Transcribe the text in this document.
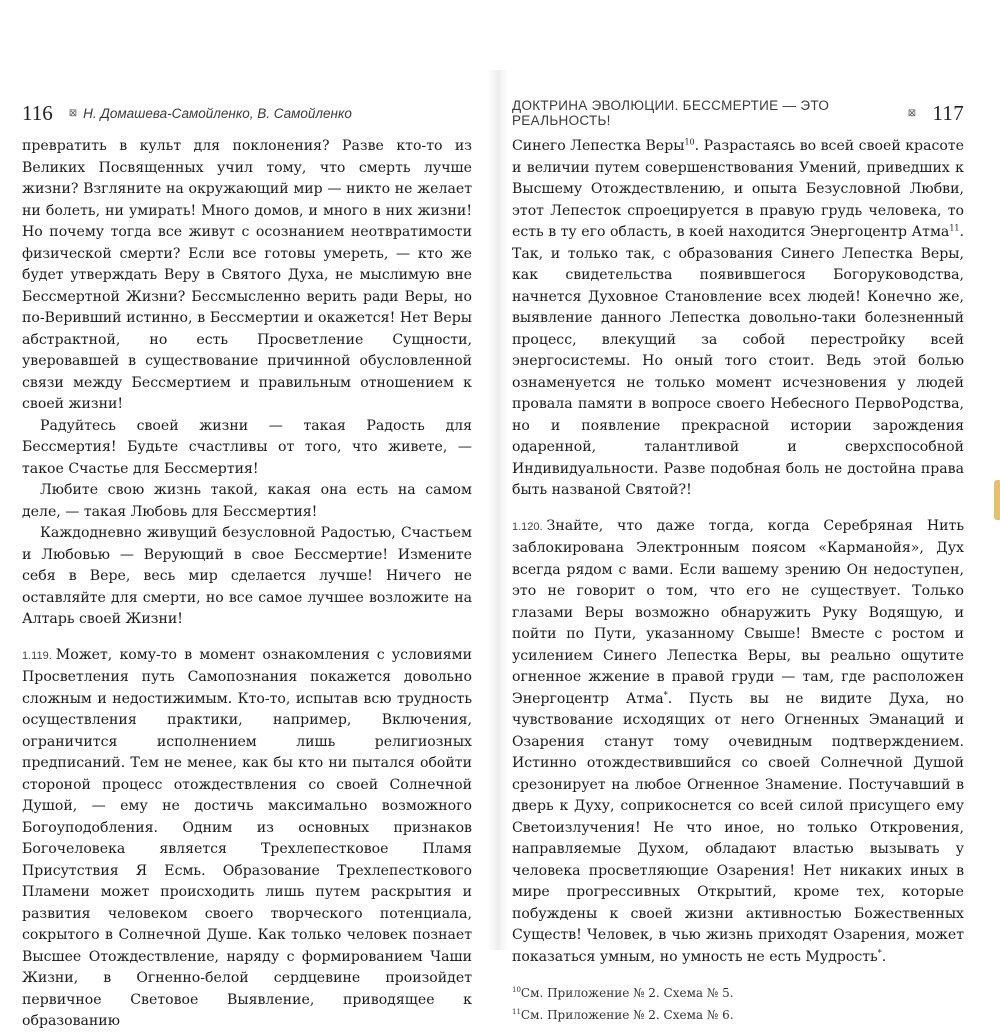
116 ⊠ Н. Домашева-Самойленко, В. Самойленко

превратить в культ для поклонения? Разве кто-то из Великих Посвященных учил тому, что смерть лучше жизни? Взгляните на окружающий мир — никто не желает ни болеть, ни умирать! Много домов, и много в них жизни! Но почему тогда все живут с осознанием неотвратимости физической смерти? Если все готовы умереть, — кто же будет утверждать Веру в Святого Духа, не мыслимую вне Бессмертной Жизни? Бессмысленно верить ради Веры, но по-Веривший истинно, в Бессмертии и окажется! Нет Веры абстрактной, но есть Просветление Сущности, уверовавшей в существование причинной обусловленной связи между Бессмертием и правильным отношением к своей жизни!

Радуйтесь своей жизни — такая Радость для Бессмертия! Будьте счастливы от того, что живете, — такое Счастье для Бессмертия!

Любите свою жизнь такой, какая она есть на самом деле, — такая Любовь для Бессмертия!

Каждодневно живущий безусловной Радостью, Счастьем и Любовью — Верующий в свое Бессмертие! Измените себя в Вере, весь мир сделается лучше! Ничего не оставляйте для смерти, но все самое лучшее возложите на Алтарь своей Жизни!

1.119. Может, кому-то в момент ознакомления с условиями Просветления путь Самопознания покажется довольно сложным и недостижимым. Кто-то, испытав всю трудность осуществления практики, например, Включения, ограничится исполнением лишь религиозных предписаний. Тем не менее, как бы кто ни пытался обойти стороной процесс отождествления со своей Солнечной Душой, — ему не достичь максимально возможного Богоуподобления. Одним из основных признаков Богочеловека является Трехлепестковое Пламя Присутствия Я Есмь. Образование Трехлепесткового Пламени может происходить лишь путем раскрытия и развития человеком своего творческого потенциала, сокрытого в Солнечной Душе. Как только человек познает Высшее Отождествление, наряду с формированием Чаши Жизни, в Огненно-белой сердцевине произойдет первичное Световое Выявление, приводящее к образованию

ДОКТРИНА ЭВОЛЮЦИИ. БЕССМЕРТИЕ — ЭТО РЕАЛЬНОСТЬ!	⊠ 117

Синего Лепестка Веры$^{10}$. Разрастаясь во всей своей красоте и величии путем совершенствования Умений, приведших к Высшему Отождествлению, и опыта Безусловной Любви, этот Лепесток спроецируется в правую грудь человека, то есть в ту его область, в коей находится Энергоцентр Атма$^{11}$. Так, и только так, с образования Синего Лепестка Веры, как свидетельства появившегося Богоруководства, начнется Духовное Становление всех людей! Конечно же, выявление данного Лепестка довольно-таки болезненный процесс, влекущий за собой перестройку всей энергосистемы. Но оный того стоит. Ведь этой болью ознаменуется не только момент исчезновения у людей провала памяти в вопросе своего Небесного ПервоРодства, но и появление прекрасной истории зарождения одаренной, талантливой и сверхспособной Индивидуальности. Разве подобная боль не достойна права быть названой Святой?!

1.120. Знайте, что даже тогда, когда Серебряная Нить заблокирована Электронным поясом «Карманойя», Дух всегда рядом с вами. Если вашему зрению Он недоступен, это не говорит о том, что его не существует. Только глазами Веры возможно обнаружить Руку Водящую, и пойти по Пути, указанному Свыше! Вместе с ростом и усилением Синего Лепестка Веры, вы реально ощутите огненное жжение в правой груди — там, где расположен Энергоцентр Атма*. Пусть вы не видите Духа, но чувствование исходящих от него Огненных Эманаций и Озарения станут тому очевидным подтверждением. Истинно отождествившийся со своей Солнечной Душой срезонирует на любое Огненное Знамение. Постучавший в дверь к Духу, соприкоснется со всей силой присущего ему Светоизлучения! Не что иное, но только Откровения, направляемые Духом, обладают властью вызывать у человека просветляющие Озарения! Нет никаких иных в мире прогрессивных Открытий, кроме тех, которые побуждены к своей жизни активностью Божественных Существ! Человек, в чью жизнь приходят Озарения, может показаться умным, но умность не есть Мудрость*.

$^{10}$См. Приложение № 2. Схема № 5.

$^{11}$См. Приложение № 2. Схема № 6.
